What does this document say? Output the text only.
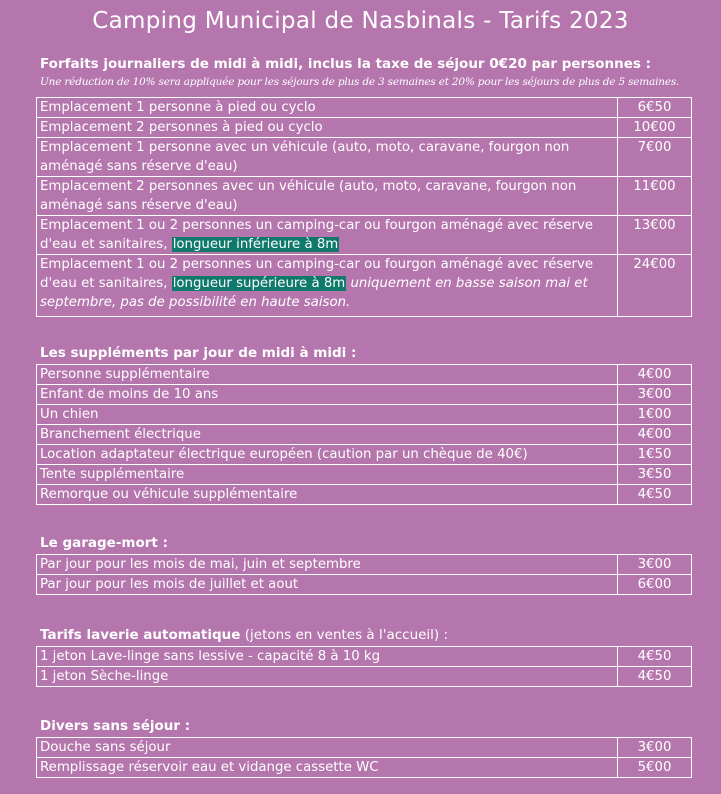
Camping Municipal de Nasbinals - Tarifs 2023
Forfaits journaliers de midi à midi, inclus la taxe de séjour 0€20 par personnes :
Une réduction de 10% sera appliquée pour les séjours de plus de 3 semaines et 20% pour les séjours de plus de 5 semaines.
Emplacement 1 personne à pied ou cyclo	6€50
Emplacement 2 personnes à pied ou cyclo	10€00
Emplacement 1 personne avec un véhicule (auto, moto, caravane, fourgon non aménagé sans réserve d'eau)	7€00
Emplacement 2 personnes avec un véhicule (auto, moto, caravane, fourgon non aménagé sans réserve d'eau)	11€00
Emplacement 1 ou 2 personnes un camping-car ou fourgon aménagé avec réserve d'eau et sanitaires, longueur inférieure à 8m	13€00
Emplacement 1 ou 2 personnes un camping-car ou fourgon aménagé avec réserve d'eau et sanitaires, longueur supérieure à 8m uniquement en basse saison mai et septembre, pas de possibilité en haute saison.	24€00
Les suppléments par jour de midi à midi :
Personne supplémentaire	4€00
Enfant de moins de 10 ans	3€00
Un chien	1€00
Branchement électrique	4€00
Location adaptateur électrique européen (caution par un chèque de 40€)	1€50
Tente supplémentaire	3€50
Remorque ou véhicule supplémentaire	4€50
Le garage-mort :
Par jour pour les mois de mai, juin et septembre	3€00
Par jour pour les mois de juillet et aout	6€00
Tarifs laverie automatique (jetons en ventes à l'accueil) :
1 jeton Lave-linge sans lessive - capacité 8 à 10 kg	4€50
1 jeton Sèche-linge	4€50
Divers sans séjour :
Douche sans séjour	3€00
Remplissage réservoir eau et vidange cassette WC	5€00
